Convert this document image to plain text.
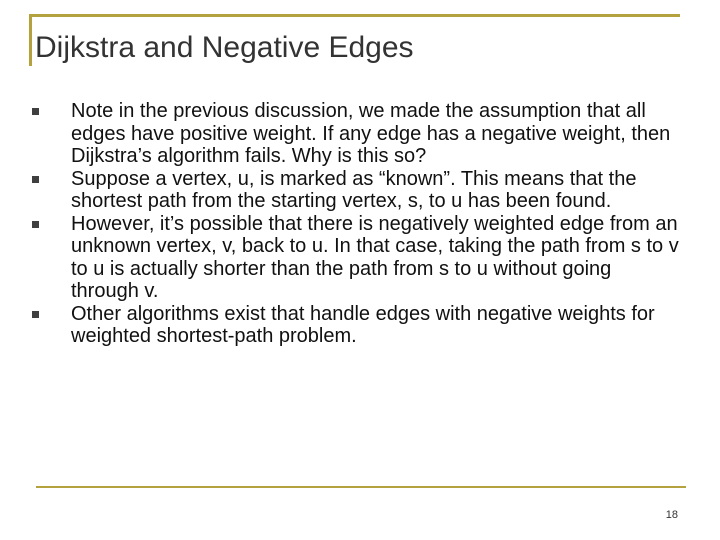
Dijkstra and Negative Edges
Note in the previous discussion, we made the assumption that all edges have positive weight. If any edge has a negative weight, then Dijkstra’s algorithm fails. Why is this so?
Suppose a vertex, u, is marked as “known”. This means that the shortest path from the starting vertex, s, to u has been found.
However, it’s possible that there is negatively weighted edge from an unknown vertex, v, back to u. In that case, taking the path from s to v to u is actually shorter than the path from s to u without going through v.
Other algorithms exist that handle edges with negative weights for weighted shortest-path problem.
18
